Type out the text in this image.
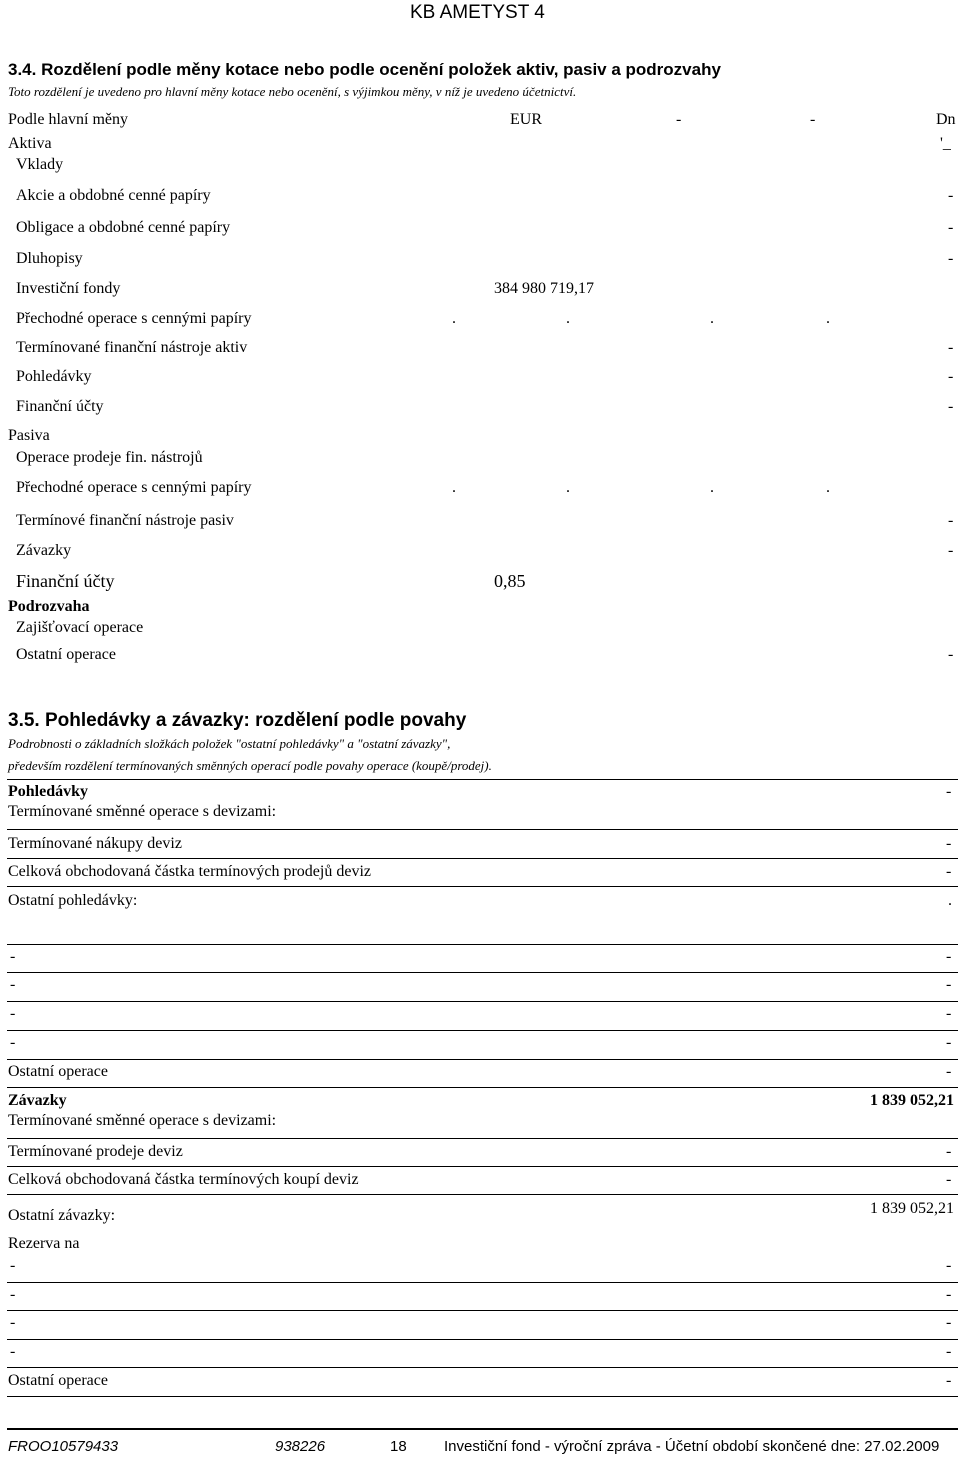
KB AMETYST 4
3.4. Rozdělení podle měny kotace nebo podle ocenění položek aktiv, pasiv a podrozvahy
Toto rozdělení je uvedeno pro hlavní měny kotace nebo ocenění, s výjimkou měny, v níž je uvedeno účetnictví.
Podle hlavní měny	EUR	-	-	Dn
Aktiva	'_
Vklady
Akcie a obdobné cenné papíry	-
Obligace a obdobné cenné papíry	-
Dluhopisy	-
Investiční fondy	384 980 719,17
Přechodné operace s cennými papíry	.	.	.	.
Termínované finanční nástroje aktiv	-
Pohledávky	-
Finanční účty	-
Pasiva
Operace prodeje fin. nástrojů
Přechodné operace s cennými papíry	.	.	.	.
Termínové finanční nástroje pasiv	-
Závazky	-
Finanční účty	0,85
Podrozvaha
Zajišťovací operace
Ostatní operace	-
3.5. Pohledávky a závazky: rozdělení podle povahy
Podrobnosti o základních složkách položek "ostatní pohledávky" a "ostatní závazky",
především rozdělení termínovaných směnných operací podle povahy operace (koupě/prodej).
Pohledávky	-
Termínované směnné operace s devizami:
Termínované nákupy deviz	-
Celková obchodovaná částka termínových prodejů deviz	-
Ostatní pohledávky:	.
-	-
-	-
-	-
-	-
Ostatní operace	-
Závazky	1 839 052,21
Termínované směnné operace s devizami:
Termínované prodeje deviz	-
Celková obchodovaná částka termínových koupí deviz	-
Ostatní závazky:	1 839 052,21
Rezerva na
-	-
-	-
-	-
-	-
Ostatní operace	-
FROO10579433	938226	18 Investiční fond - výroční zpráva - Účetní období skončené dne: 27.02.2009
